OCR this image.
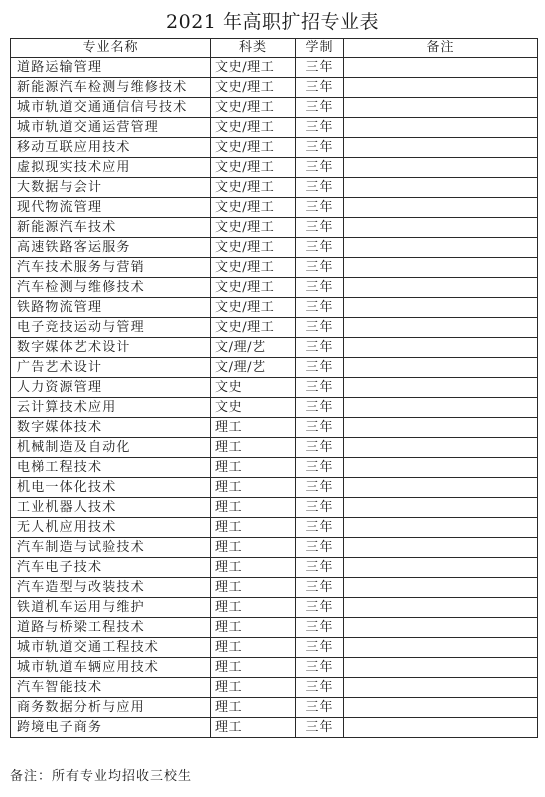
2021 年高职扩招专业表
专业名称	科类	学制	备注
道路运输管理	文史/理工	三年	
新能源汽车检测与维修技术	文史/理工	三年	
城市轨道交通通信信号技术	文史/理工	三年	
城市轨道交通运营管理	文史/理工	三年	
移动互联应用技术	文史/理工	三年	
虚拟现实技术应用	文史/理工	三年	
大数据与会计	文史/理工	三年	
现代物流管理	文史/理工	三年	
新能源汽车技术	文史/理工	三年	
高速铁路客运服务	文史/理工	三年	
汽车技术服务与营销	文史/理工	三年	
汽车检测与维修技术	文史/理工	三年	
铁路物流管理	文史/理工	三年	
电子竞技运动与管理	文史/理工	三年	
数字媒体艺术设计	文/理/艺	三年	
广告艺术设计	文/理/艺	三年	
人力资源管理	文史	三年	
云计算技术应用	文史	三年	
数字媒体技术	理工	三年	
机械制造及自动化	理工	三年	
电梯工程技术	理工	三年	
机电一体化技术	理工	三年	
工业机器人技术	理工	三年	
无人机应用技术	理工	三年	
汽车制造与试验技术	理工	三年	
汽车电子技术	理工	三年	
汽车造型与改装技术	理工	三年	
铁道机车运用与维护	理工	三年	
道路与桥梁工程技术	理工	三年	
城市轨道交通工程技术	理工	三年	
城市轨道车辆应用技术	理工	三年	
汽车智能技术	理工	三年	
商务数据分析与应用	理工	三年	
跨境电子商务	理工	三年	
备注：所有专业均招收三校生
